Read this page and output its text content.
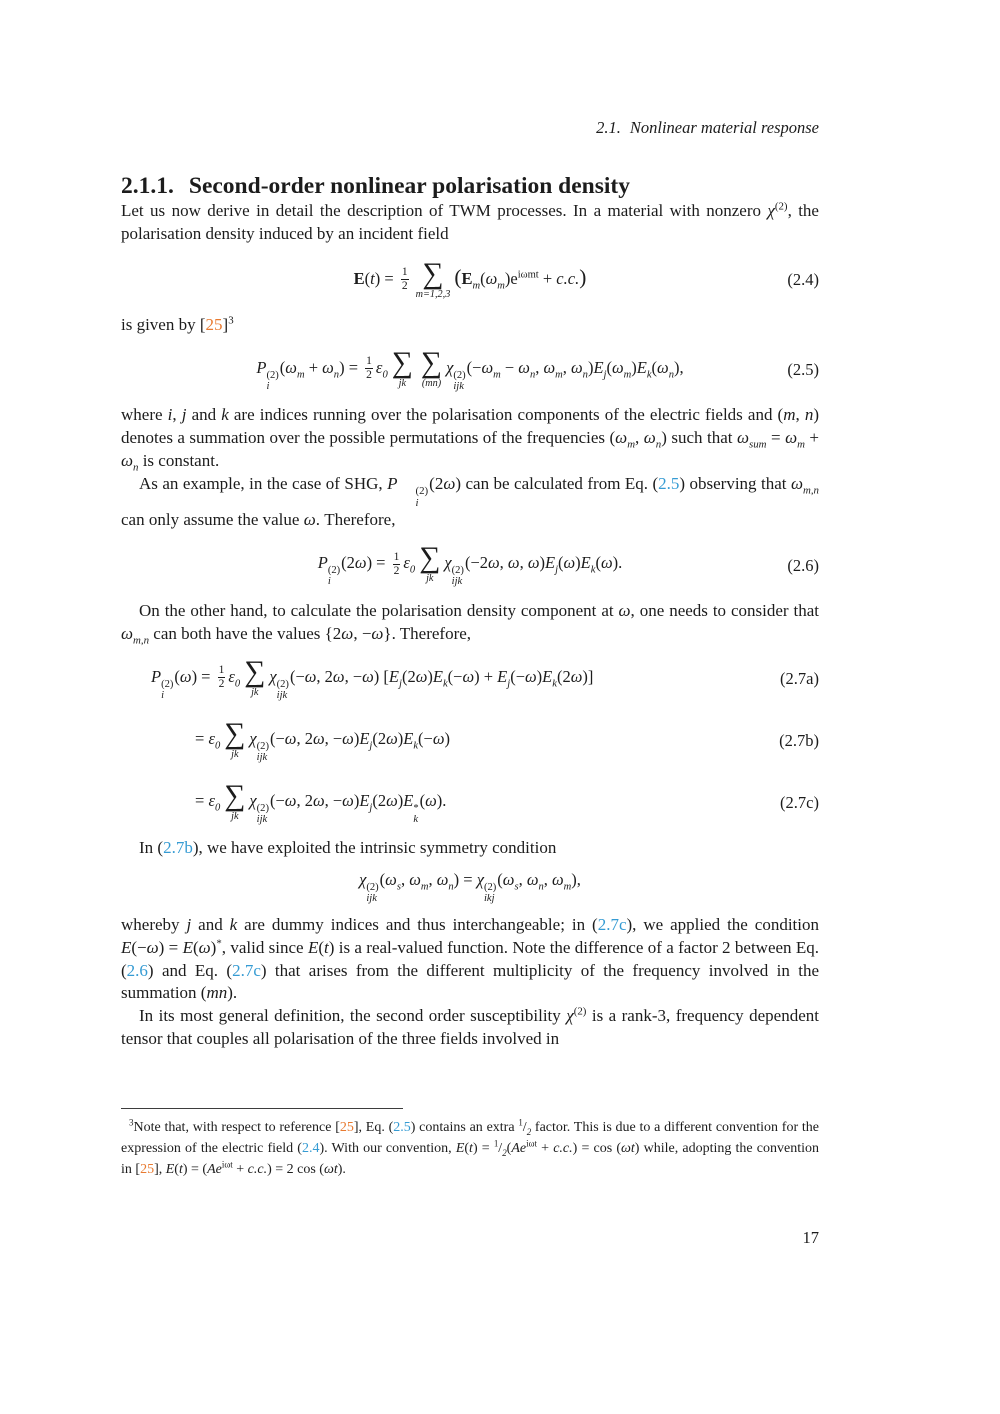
2.1. Nonlinear material response
2.1.1. Second-order nonlinear polarisation density

Let us now derive in detail the description of TWM processes. In a material with nonzero $\chi^{(2)}$, the polarisation density induced by an incident field

$E(t) = \frac{1}{2}$ ∑
m=1,2,3
$(E_m(\omega_m)e^{i\omega mt} + c.c.)$	(2.4)

is given by $[25]^3$

P (2)
i
$(\omega_m + \omega_n) = \frac{1}{2} \varepsilon_0$ ∑
jk
∑
(mn)
χ (2)
ijk
($-\omega_m - \omega_n$, $\omega_m$, $\omega_n)E_j(\omega_m)E_k(\omega_n)$,	(2.5)

where i, j and k are indices running over the polarisation components of the electric fields and (m, n) denotes a summation over the possible permutations of the frequencies ($\omega_m$, $\omega_n$) such that $\omega_{sum} = \omega_m + \omega_n$ is constant.

As an example, in the case of SHG, P	(2)
i
(2ω) can be calculated from Eq. (2.5) observing that $\omega_{m,n}$ can only assume the value ω. Therefore,

P (2)
i
$(2\omega) = \frac{1}{2} \varepsilon_0$ ∑
jk
χ (2)
ijk
(−2ω, ω, $\omega)E_j(\omega)E_k(\omega)$.	(2.6)

On the other hand, to calculate the polarisation density component at ω, one needs to consider that $\omega_{m,n}$ can both have the values {2ω, −ω}. Therefore,

P (2)
i
$(\omega) = \frac{1}{2} \varepsilon_0$ ∑
jk
χ (2)
ijk
(−ω, 2ω, −ω) $[E_j(2\omega)E_k(-\omega) + E_j(-\omega)E_k(2\omega)]$	(2.7a)
= $\varepsilon_0$ ∑
jk
χ (2)
ijk
(−ω, 2ω, $-\omega)E_j(2\omega)E_k(-\omega)$	(2.7b)
= $\varepsilon_0$ ∑
jk
χ (2)
ijk
(−ω, 2ω, $-\omega)E_j(2\omega)E$ *
k
(ω).	(2.7c)

In (2.7b), we have exploited the intrinsic symmetry condition

χ (2)
ijk
($\omega_s$, $\omega_m$, $\omega_n) = \chi$ (2)
ikj
($\omega_s$, $\omega_n$, $\omega_m$),

whereby j and k are dummy indices and thus interchangeable; in (2.7c), we applied the condition E(−ω) = E(ω)*, valid since E(t) is a real-valued function. Note the difference of a factor 2 between Eq. (2.6) and Eq. (2.7c) that arises from the different multiplicity of the frequency involved in the summation (mn).

In its most general definition, the second order susceptibility $\chi^{(2)}$ is a rank-3, frequency dependent tensor that couples all polarisation of the three fields involved in

$^3$Note that, with respect to reference [25], Eq. (2.5) contains an extra $^1/_2$ factor. This is due to a different convention for the expression of the electric field (2.4). With our convention, $E(t) = ^1/_2(Ae^{i\omega t} + c.c.) = \cos (\omega t)$ while, adopting the convention in [25], $E(t) = (Ae^{i\omega t} + c.c.) = 2$ cos (ωt).

17
